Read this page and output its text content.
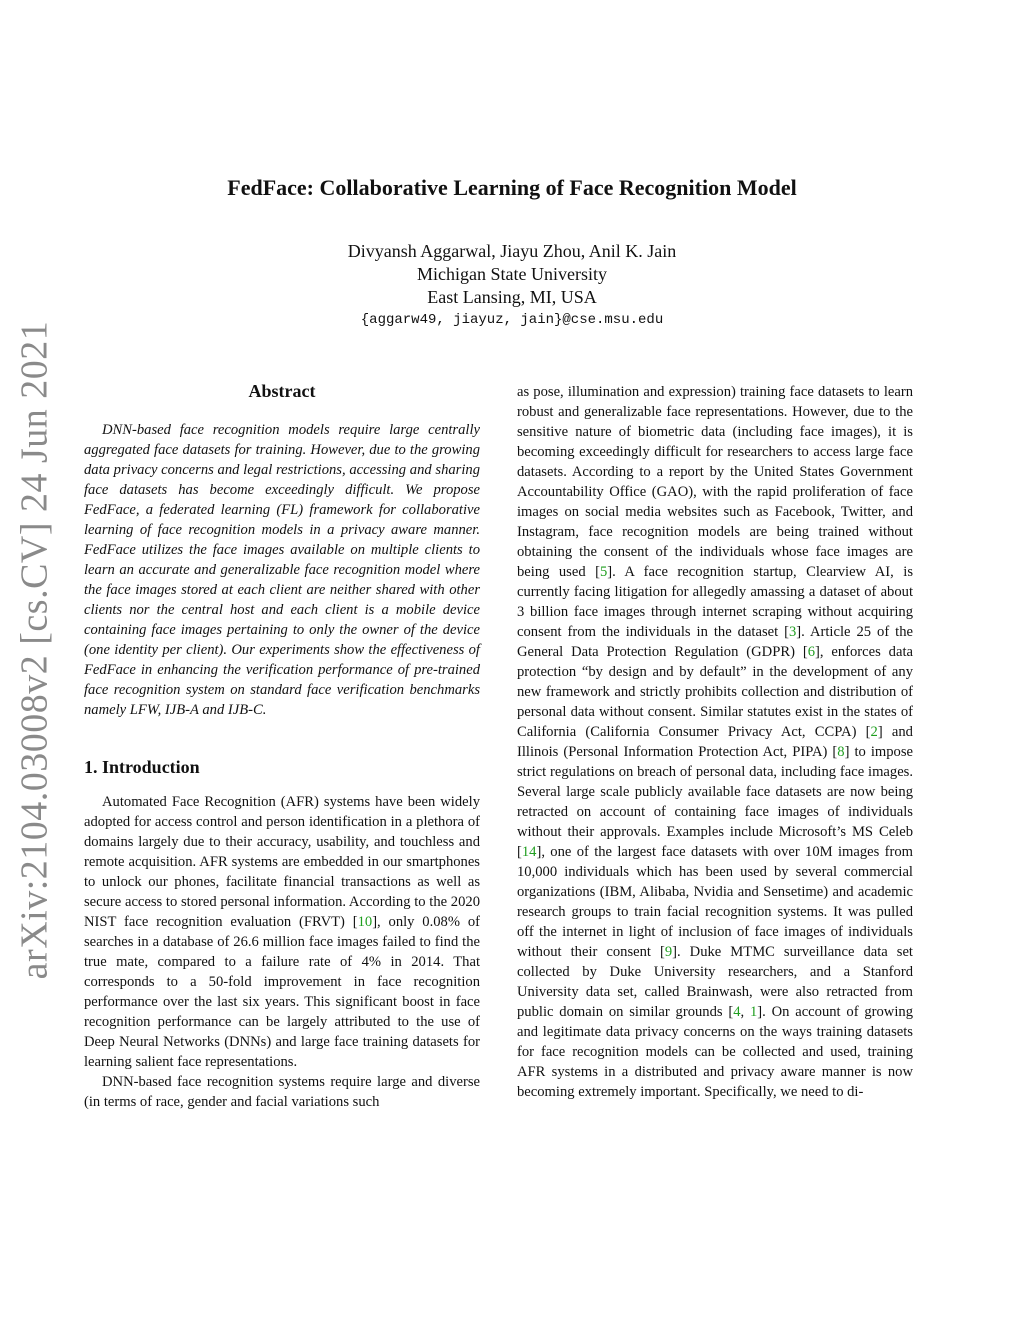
arXiv:2104.03008v2 [cs.CV] 24 Jun 2021
FedFace: Collaborative Learning of Face Recognition Model
Divyansh Aggarwal, Jiayu Zhou, Anil K. Jain
Michigan State University
East Lansing, MI, USA
{aggarw49, jiayuz, jain}@cse.msu.edu
Abstract

DNN-based face recognition models require large centrally aggregated face datasets for training. However, due to the growing data privacy concerns and legal restrictions, accessing and sharing face datasets has become exceedingly difficult. We propose FedFace, a federated learning (FL) framework for collaborative learning of face recognition models in a privacy aware manner. FedFace utilizes the face images available on multiple clients to learn an accurate and generalizable face recognition model where the face images stored at each client are neither shared with other clients nor the central host and each client is a mobile device containing face images pertaining to only the owner of the device (one identity per client). Our experiments show the effectiveness of FedFace in enhancing the verification performance of pre-trained face recognition system on standard face verification benchmarks namely LFW, IJB-A and IJB-C.

1. Introduction

Automated Face Recognition (AFR) systems have been widely adopted for access control and person identification in a plethora of domains largely due to their accuracy, usability, and touchless and remote acquisition. AFR systems are embedded in our smartphones to unlock our phones, facilitate financial transactions as well as secure access to stored personal information. According to the 2020 NIST face recognition evaluation (FRVT) [10], only 0.08% of searches in a database of 26.6 million face images failed to find the true mate, compared to a failure rate of 4% in 2014. That corresponds to a 50-fold improvement in face recognition performance over the last six years. This significant boost in face recognition performance can be largely attributed to the use of Deep Neural Networks (DNNs) and large face training datasets for learning salient face representations.

DNN-based face recognition systems require large and diverse (in terms of race, gender and facial variations such

as pose, illumination and expression) training face datasets to learn robust and generalizable face representations. However, due to the sensitive nature of biometric data (including face images), it is becoming exceedingly difficult for researchers to access large face datasets. According to a report by the United States Government Accountability Office (GAO), with the rapid proliferation of face images on social media websites such as Facebook, Twitter, and Instagram, face recognition models are being trained without obtaining the consent of the individuals whose face images are being used [5]. A face recognition startup, Clearview AI, is currently facing litigation for allegedly amassing a dataset of about 3 billion face images through internet scraping without acquiring consent from the individuals in the dataset [3]. Article 25 of the General Data Protection Regulation (GDPR) [6], enforces data protection “by design and by default” in the development of any new framework and strictly prohibits collection and distribution of personal data without consent. Similar statutes exist in the states of California (California Consumer Privacy Act, CCPA) [2] and Illinois (Personal Information Protection Act, PIPA) [8] to impose strict regulations on breach of personal data, including face images. Several large scale publicly available face datasets are now being retracted on account of containing face images of individuals without their approvals. Examples include Microsoft’s MS Celeb [14], one of the largest face datasets with over 10M images from 10,000 individuals which has been used by several commercial organizations (IBM, Alibaba, Nvidia and Sensetime) and academic research groups to train facial recognition systems. It was pulled off the internet in light of inclusion of face images of individuals without their consent [9]. Duke MTMC surveillance data set collected by Duke University researchers, and a Stanford University data set, called Brainwash, were also retracted from public domain on similar grounds [4, 1]. On account of growing and legitimate data privacy concerns on the ways training datasets for face recognition models can be collected and used, training AFR systems in a distributed and privacy aware manner is now becoming extremely important. Specifically, we need to di-
